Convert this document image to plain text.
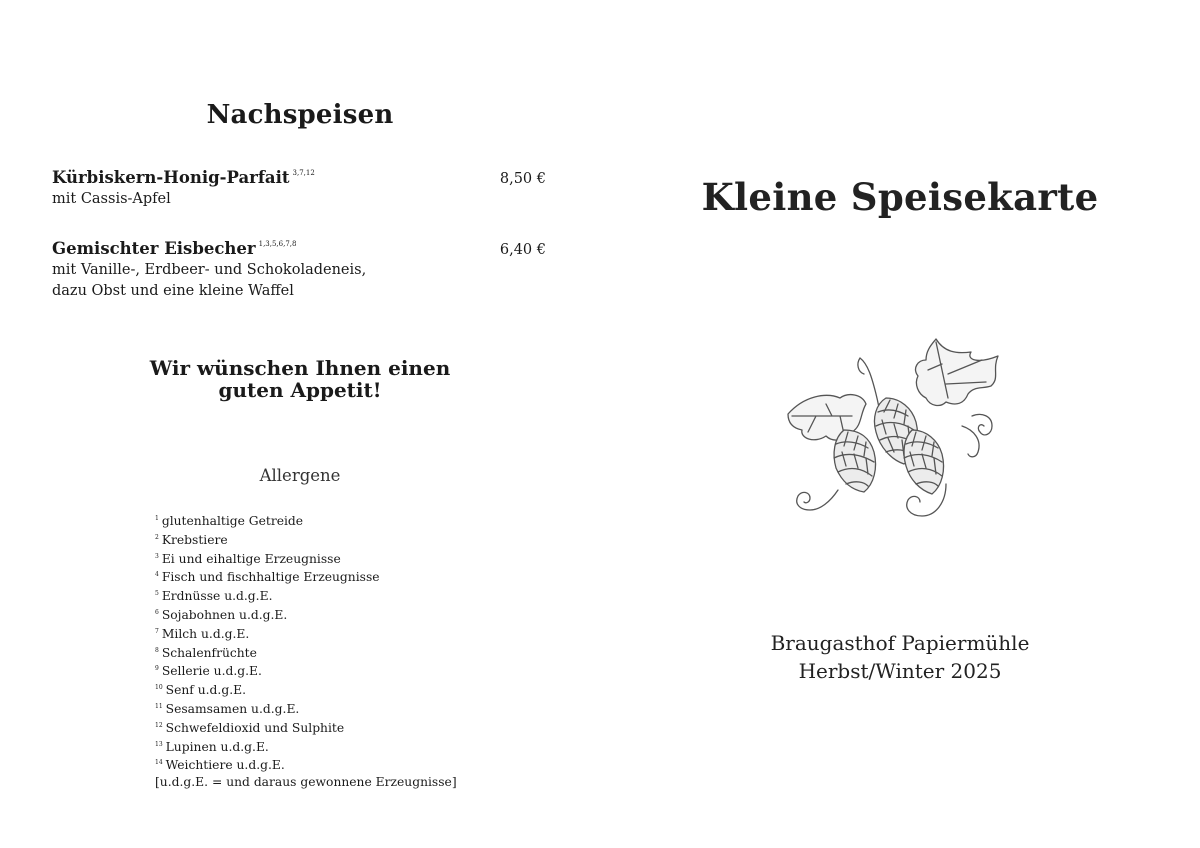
Nachspeisen
Kürbiskern-Honig-Parfait $^{3,7,12}$	8,50 €
mit Cassis-Apfel
Gemischter Eisbecher $^{1,3,5,6,7,8}$	6,40 €
mit Vanille-, Erdbeer- und Schokoladeneis,
dazu Obst und eine kleine Waffel
Wir wünschen Ihnen einen
guten Appetit!
Allergene
$^1$ glutenhaltige Getreide
$^2$ Krebstiere
$^3$ Ei und eihaltige Erzeugnisse
$^4$ Fisch und fischhaltige Erzeugnisse
$^5$ Erdnüsse u.d.g.E.
$^6$ Sojabohnen u.d.g.E.
$^7$ Milch u.d.g.E.
$^8$ Schalenfrüchte
$^9$ Sellerie u.d.g.E.
$^{10}$ Senf u.d.g.E.
$^{11}$ Sesamsamen u.d.g.E.
$^{12}$ Schwefeldioxid und Sulphite
$^{13}$ Lupinen u.d.g.E.
$^{14}$ Weichtiere u.d.g.E.
[u.d.g.E. = und daraus gewonnene Erzeugnisse]
Kleine Speisekarte
Braugasthof Papiermühle
Herbst/Winter 2025
